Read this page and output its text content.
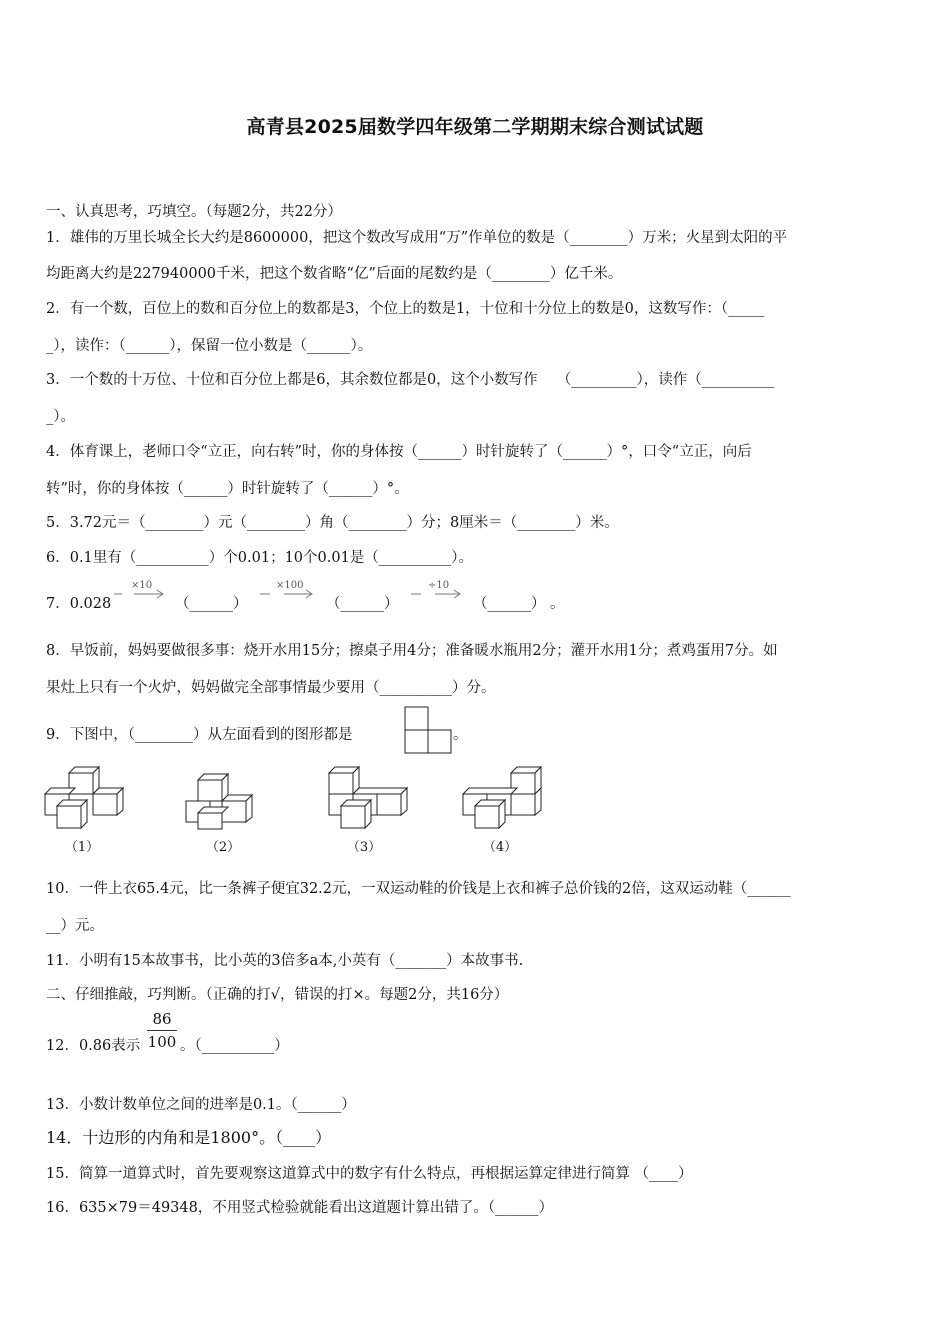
高青县2025届数学四年级第二学期期末综合测试试题
一、认真思考，巧填空。（每题2分，共22分）
1．雄伟的万里长城全长大约是8600000，把这个数改写成用“万”作单位的数是（________）万米；火星到太阳的平
均距离大约是227940000千米，把这个数省略“亿”后面的尾数约是（________）亿千米。
2．有一个数，百位上的数和百分位上的数都是3，个位上的数是1，十位和十分位上的数是0，这数写作：（_____
_），读作：（______），保留一位小数是（______）。
3．一个数的十万位、十位和百分位上都是6，其余数位都是0，这个小数写作　 （_________），读作（__________
_）。
4．体育课上，老师口令“立正，向右转”时，你的身体按（______）时针旋转了（______）°，口令“立正，向后
转”时，你的身体按（______）时针旋转了（______）°。
5．3.72元＝（________）元（________）角（________）分；8厘米＝（________）米。
6．0.1里有（__________）个0.01；10个0.01是（__________）。
7．0.028
×10
（______）
×100
（______）
÷10
（______） 。
8．早饭前，妈妈要做很多事：烧开水用15分；擦桌子用4分；准备暖水瓶用2分；灌开水用1分；煮鸡蛋用7分。如
果灶上只有一个火炉，妈妈做完全部事情最少要用（__________）分。
9．下图中，（________）从左面看到的图形都是	。
（1）	（2）	（3）	（4）
10．一件上衣65.4元，比一条裤子便宜32.2元，一双运动鞋的价钱是上衣和裤子总价钱的2倍，这双运动鞋（______
__）元。
11．小明有15本故事书，比小英的3倍多a本,小英有（_______）本故事书.
二、仔细推敲，巧判断。（正确的打√，错误的打×。每题2分，共16分）
12．0.86表示
86
100 。（__________）
13．小数计数单位之间的进率是0.1。（______）
14．十边形的内角和是1800°。（____）
15．简算一道算式时，首先要观察这道算式中的数字有什么特点，再根据运算定律进行简算 （____）
16．635×79＝49348，不用竖式检验就能看出这道题计算出错了。（______）
